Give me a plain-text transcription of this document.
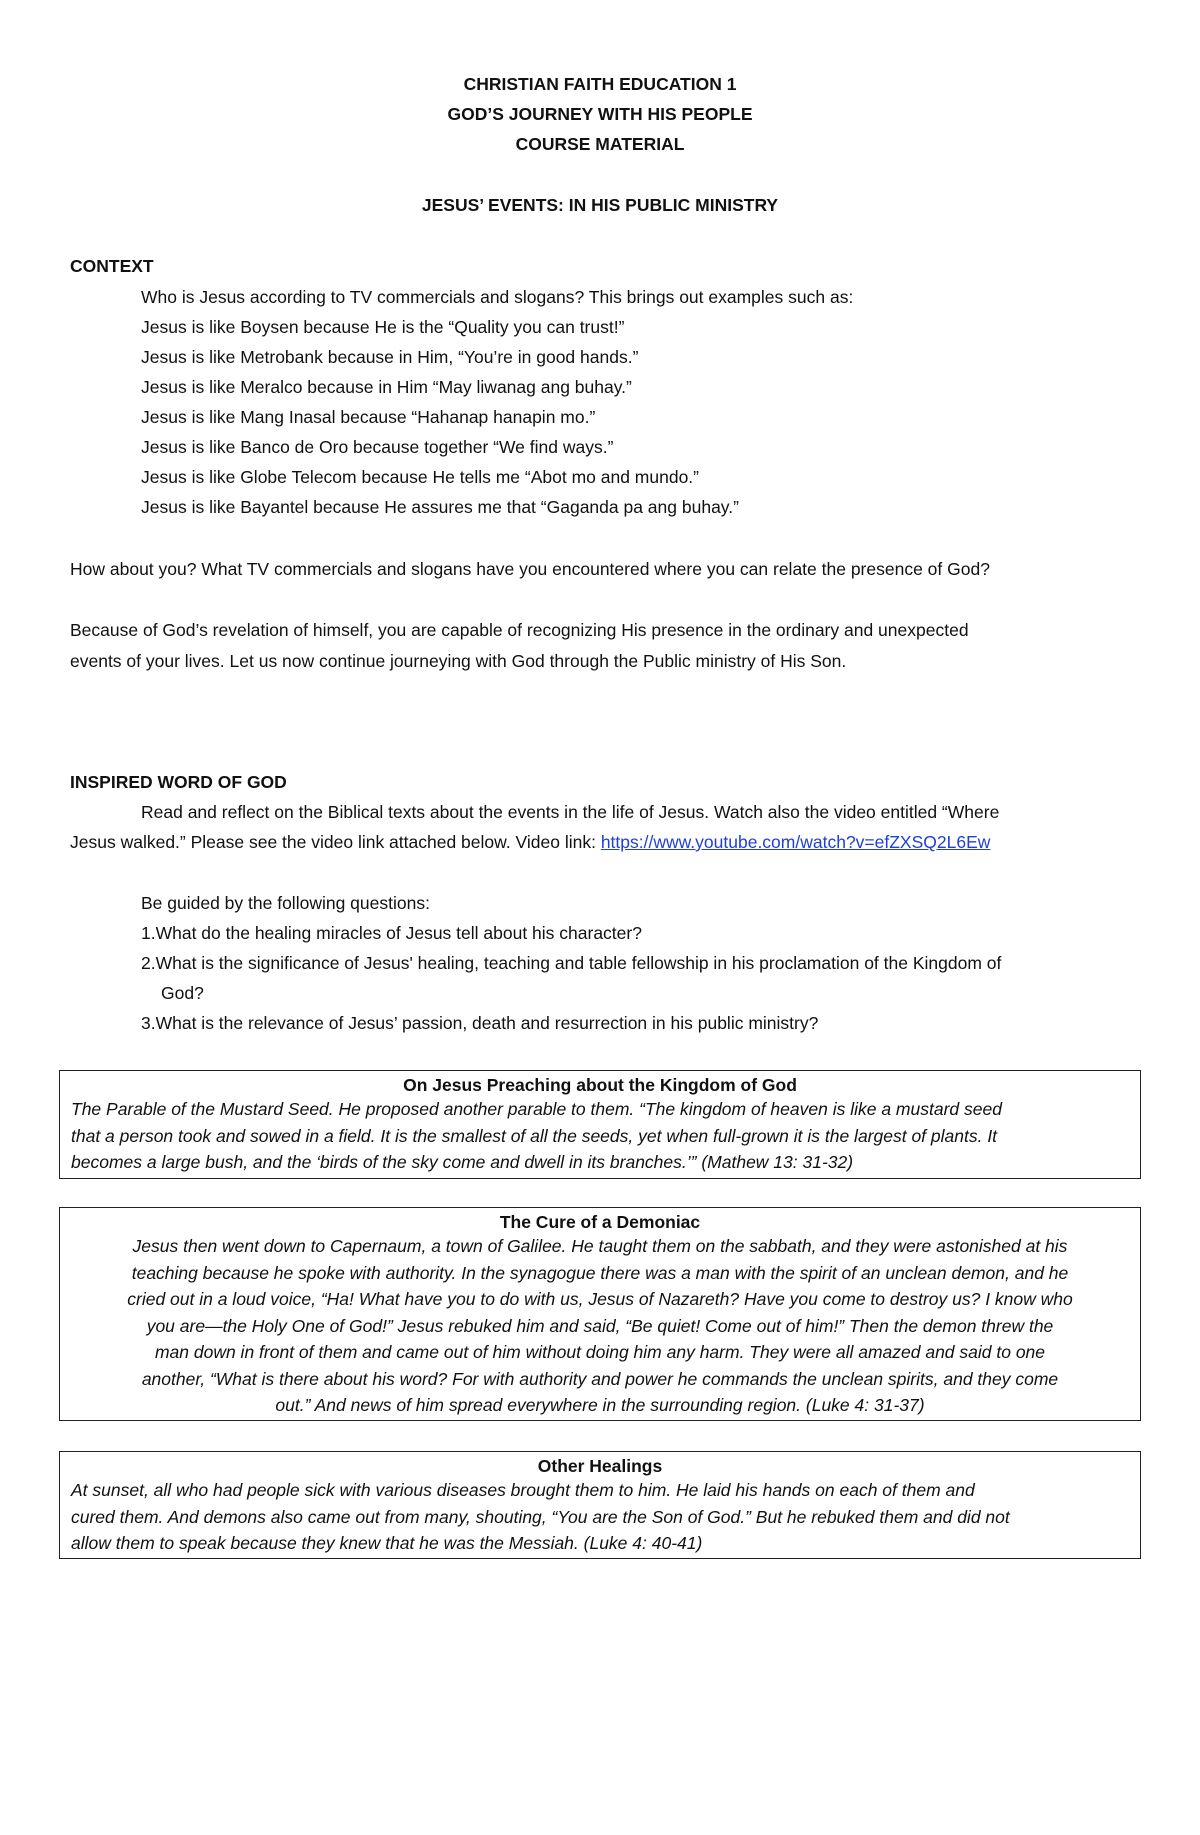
CHRISTIAN FAITH EDUCATION 1
GOD’S JOURNEY WITH HIS PEOPLE
COURSE MATERIAL
JESUS’ EVENTS: IN HIS PUBLIC MINISTRY
CONTEXT
Who is Jesus according to TV commercials and slogans? This brings out examples such as:
Jesus is like Boysen because He is the “Quality you can trust!”
Jesus is like Metrobank because in Him, “You’re in good hands.”
Jesus is like Meralco because in Him “May liwanag ang buhay.”
Jesus is like Mang Inasal because “Hahanap hanapin mo.”
Jesus is like Banco de Oro because together “We find ways.”
Jesus is like Globe Telecom because He tells me “Abot mo and mundo.”
Jesus is like Bayantel because He assures me that “Gaganda pa ang buhay.”
How about you? What TV commercials and slogans have you encountered where you can relate the presence of God?
Because of God’s revelation of himself, you are capable of recognizing His presence in the ordinary and unexpected
events of your lives. Let us now continue journeying with God through the Public ministry of His Son.
INSPIRED WORD OF GOD
Read and reflect on the Biblical texts about the events in the life of Jesus. Watch also the video entitled “Where
Jesus walked.” Please see the video link attached below. Video link: https://www.youtube.com/watch?v=efZXSQ2L6Ew
Be guided by the following questions:
1.What do the healing miracles of Jesus tell about his character?
2.What is the significance of Jesus' healing, teaching and table fellowship in his proclamation of the Kingdom of
God?
3.What is the relevance of Jesus’ passion, death and resurrection in his public ministry?
On Jesus Preaching about the Kingdom of God
The Parable of the Mustard Seed. He proposed another parable to them. “The kingdom of heaven is like a mustard seed
that a person took and sowed in a field. It is the smallest of all the seeds, yet when full-grown it is the largest of plants. It
becomes a large bush, and the ‘birds of the sky come and dwell in its branches.’” (Mathew 13: 31-32)
The Cure of a Demoniac
Jesus then went down to Capernaum, a town of Galilee. He taught them on the sabbath, and they were astonished at his
teaching because he spoke with authority. In the synagogue there was a man with the spirit of an unclean demon, and he
cried out in a loud voice, “Ha! What have you to do with us, Jesus of Nazareth? Have you come to destroy us? I know who
you are—the Holy One of God!” Jesus rebuked him and said, “Be quiet! Come out of him!” Then the demon threw the
man down in front of them and came out of him without doing him any harm. They were all amazed and said to one
another, “What is there about his word? For with authority and power he commands the unclean spirits, and they come
out.” And news of him spread everywhere in the surrounding region. (Luke 4: 31-37)
Other Healings
At sunset, all who had people sick with various diseases brought them to him. He laid his hands on each of them and
cured them. And demons also came out from many, shouting, “You are the Son of God.” But he rebuked them and did not
allow them to speak because they knew that he was the Messiah. (Luke 4: 40-41)
